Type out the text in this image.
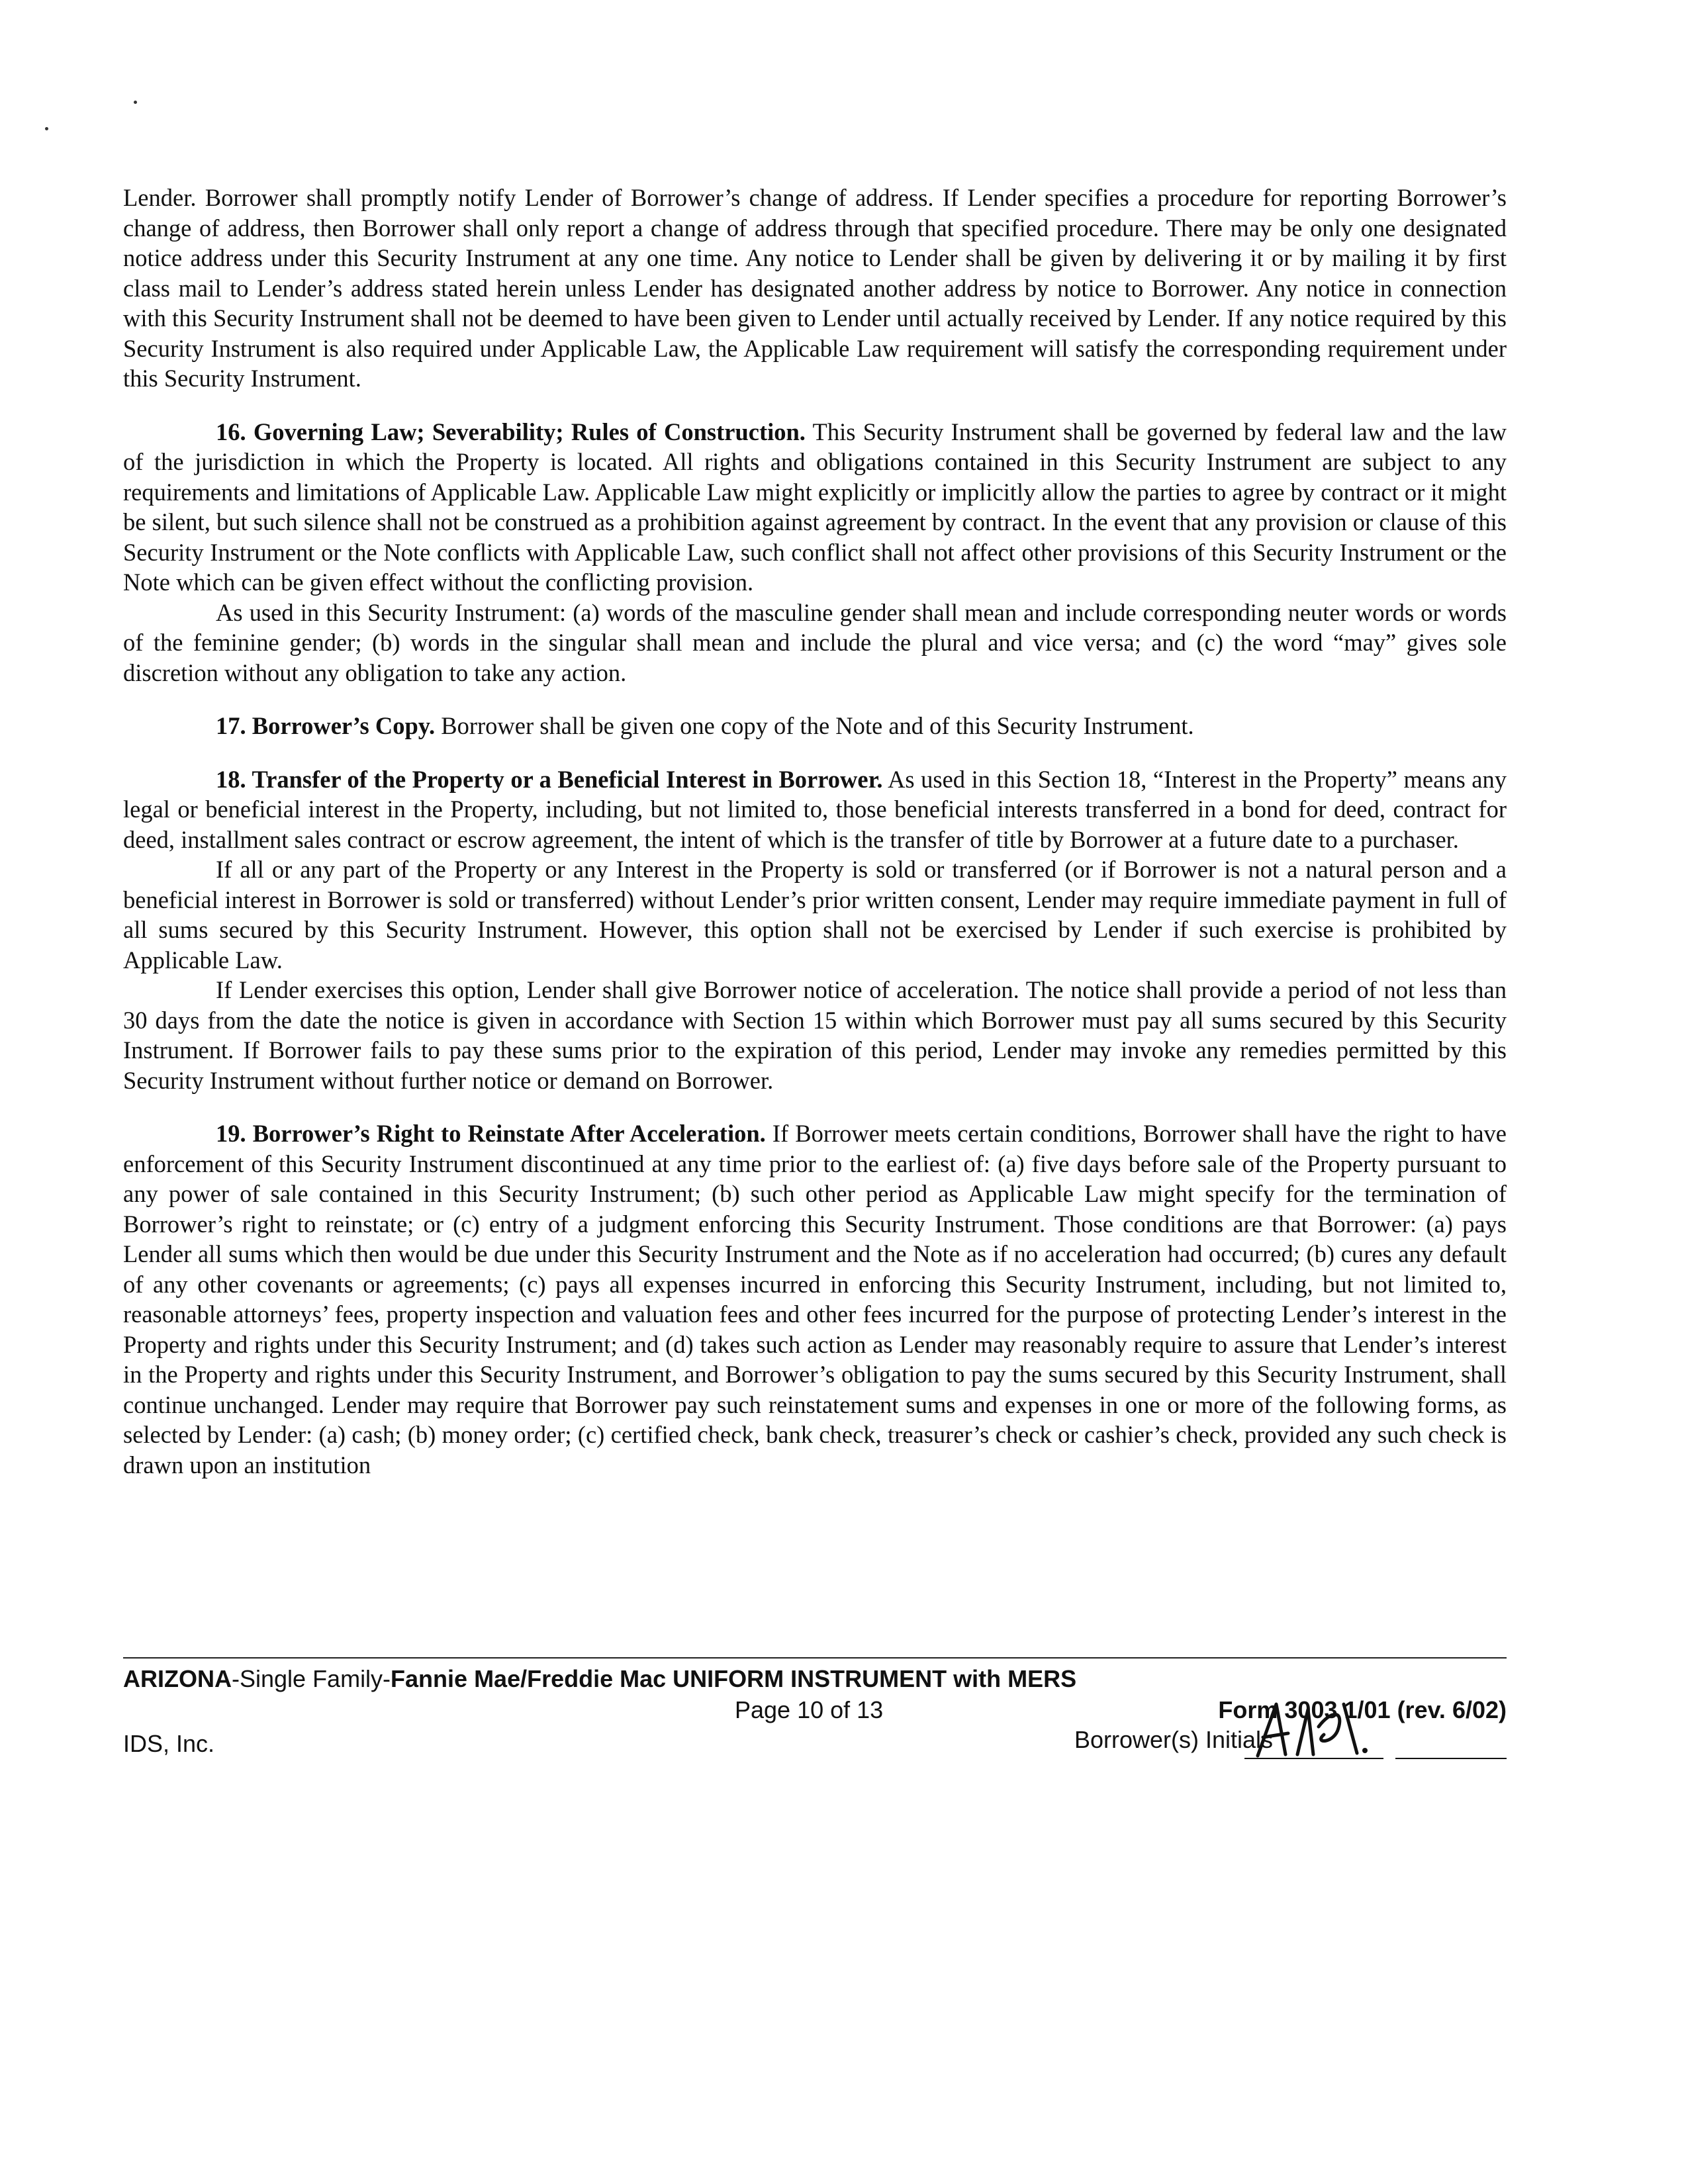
Lender. Borrower shall promptly notify Lender of Borrower’s change of address. If Lender specifies a procedure for reporting Borrower’s change of address, then Borrower shall only report a change of address through that specified procedure. There may be only one designated notice address under this Security Instrument at any one time. Any notice to Lender shall be given by delivering it or by mailing it by first class mail to Lender’s address stated herein unless Lender has designated another address by notice to Borrower. Any notice in connection with this Security Instrument shall not be deemed to have been given to Lender until actually received by Lender. If any notice required by this Security Instrument is also required under Applicable Law, the Applicable Law requirement will satisfy the corresponding requirement under this Security Instrument.

16. Governing Law; Severability; Rules of Construction. This Security Instrument shall be governed by federal law and the law of the jurisdiction in which the Property is located. All rights and obligations contained in this Security Instrument are subject to any requirements and limitations of Applicable Law. Applicable Law might explicitly or implicitly allow the parties to agree by contract or it might be silent, but such silence shall not be construed as a prohibition against agreement by contract. In the event that any provision or clause of this Security Instrument or the Note conflicts with Applicable Law, such conflict shall not affect other provisions of this Security Instrument or the Note which can be given effect without the conflicting provision.

As used in this Security Instrument: (a) words of the masculine gender shall mean and include corresponding neuter words or words of the feminine gender; (b) words in the singular shall mean and include the plural and vice versa; and (c) the word “may” gives sole discretion without any obligation to take any action.

17. Borrower’s Copy. Borrower shall be given one copy of the Note and of this Security Instrument.

18. Transfer of the Property or a Beneficial Interest in Borrower. As used in this Section 18, “Interest in the Property” means any legal or beneficial interest in the Property, including, but not limited to, those beneficial interests transferred in a bond for deed, contract for deed, installment sales contract or escrow agreement, the intent of which is the transfer of title by Borrower at a future date to a purchaser.

If all or any part of the Property or any Interest in the Property is sold or transferred (or if Borrower is not a natural person and a beneficial interest in Borrower is sold or transferred) without Lender’s prior written consent, Lender may require immediate payment in full of all sums secured by this Security Instrument. However, this option shall not be exercised by Lender if such exercise is prohibited by Applicable Law.

If Lender exercises this option, Lender shall give Borrower notice of acceleration. The notice shall provide a period of not less than 30 days from the date the notice is given in accordance with Section 15 within which Borrower must pay all sums secured by this Security Instrument. If Borrower fails to pay these sums prior to the expiration of this period, Lender may invoke any remedies permitted by this Security Instrument without further notice or demand on Borrower.

19. Borrower’s Right to Reinstate After Acceleration. If Borrower meets certain conditions, Borrower shall have the right to have enforcement of this Security Instrument discontinued at any time prior to the earliest of: (a) five days before sale of the Property pursuant to any power of sale contained in this Security Instrument; (b) such other period as Applicable Law might specify for the termination of Borrower’s right to reinstate; or (c) entry of a judgment enforcing this Security Instrument. Those conditions are that Borrower: (a) pays Lender all sums which then would be due under this Security Instrument and the Note as if no acceleration had occurred; (b) cures any default of any other covenants or agreements; (c) pays all expenses incurred in enforcing this Security Instrument, including, but not limited to, reasonable attorneys’ fees, property inspection and valuation fees and other fees incurred for the purpose of protecting Lender’s interest in the Property and rights under this Security Instrument; and (d) takes such action as Lender may reasonably require to assure that Lender’s interest in the Property and rights under this Security Instrument, and Borrower’s obligation to pay the sums secured by this Security Instrument, shall continue unchanged. Lender may require that Borrower pay such reinstatement sums and expenses in one or more of the following forms, as selected by Lender: (a) cash; (b) money order; (c) certified check, bank check, treasurer’s check or cashier’s check, provided any such check is drawn upon an institution

ARIZONA-Single Family-Fannie Mae/Freddie Mac UNIFORM INSTRUMENT with MERS
Page 10 of 13	Form 3003 1/01 (rev. 6/02)
IDS, Inc.	Borrower(s) Initials
